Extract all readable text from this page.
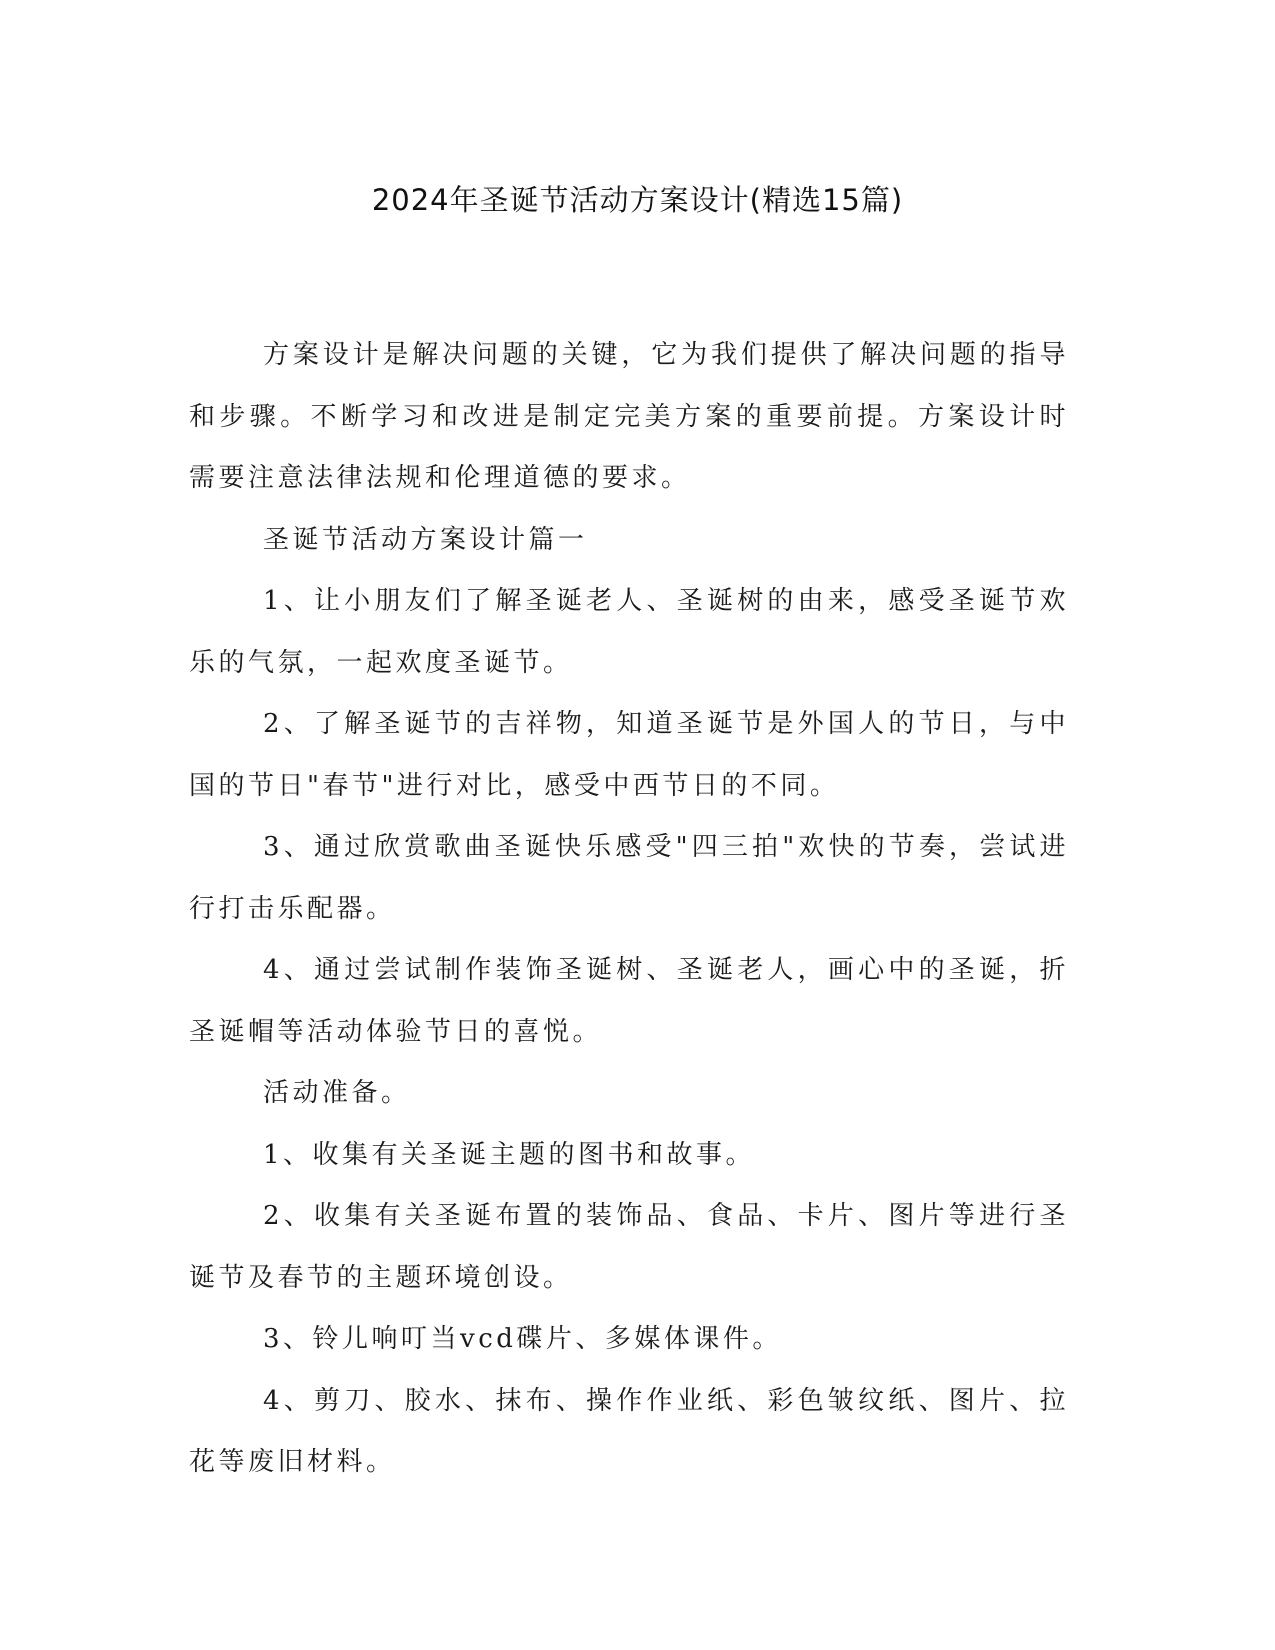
2024年圣诞节活动方案设计(精选15篇)

方案设计是解决问题的关键，它为我们提供了解决问题的指导和步骤。不断学习和改进是制定完美方案的重要前提。方案设计时需要注意法律法规和伦理道德的要求。

圣诞节活动方案设计篇一

1、让小朋友们了解圣诞老人、圣诞树的由来，感受圣诞节欢乐的气氛，一起欢度圣诞节。

2、了解圣诞节的吉祥物，知道圣诞节是外国人的节日，与中国的节日"春节"进行对比，感受中西节日的不同。

3、通过欣赏歌曲圣诞快乐感受"四三拍"欢快的节奏，尝试进行打击乐配器。

4、通过尝试制作装饰圣诞树、圣诞老人，画心中的圣诞，折圣诞帽等活动体验节日的喜悦。

活动准备。

1、收集有关圣诞主题的图书和故事。

2、收集有关圣诞布置的装饰品、食品、卡片、图片等进行圣诞节及春节的主题环境创设。

3、铃儿响叮当vcd碟片、多媒体课件。

4、剪刀、胶水、抹布、操作作业纸、彩色皱纹纸、图片、拉花等废旧材料。
